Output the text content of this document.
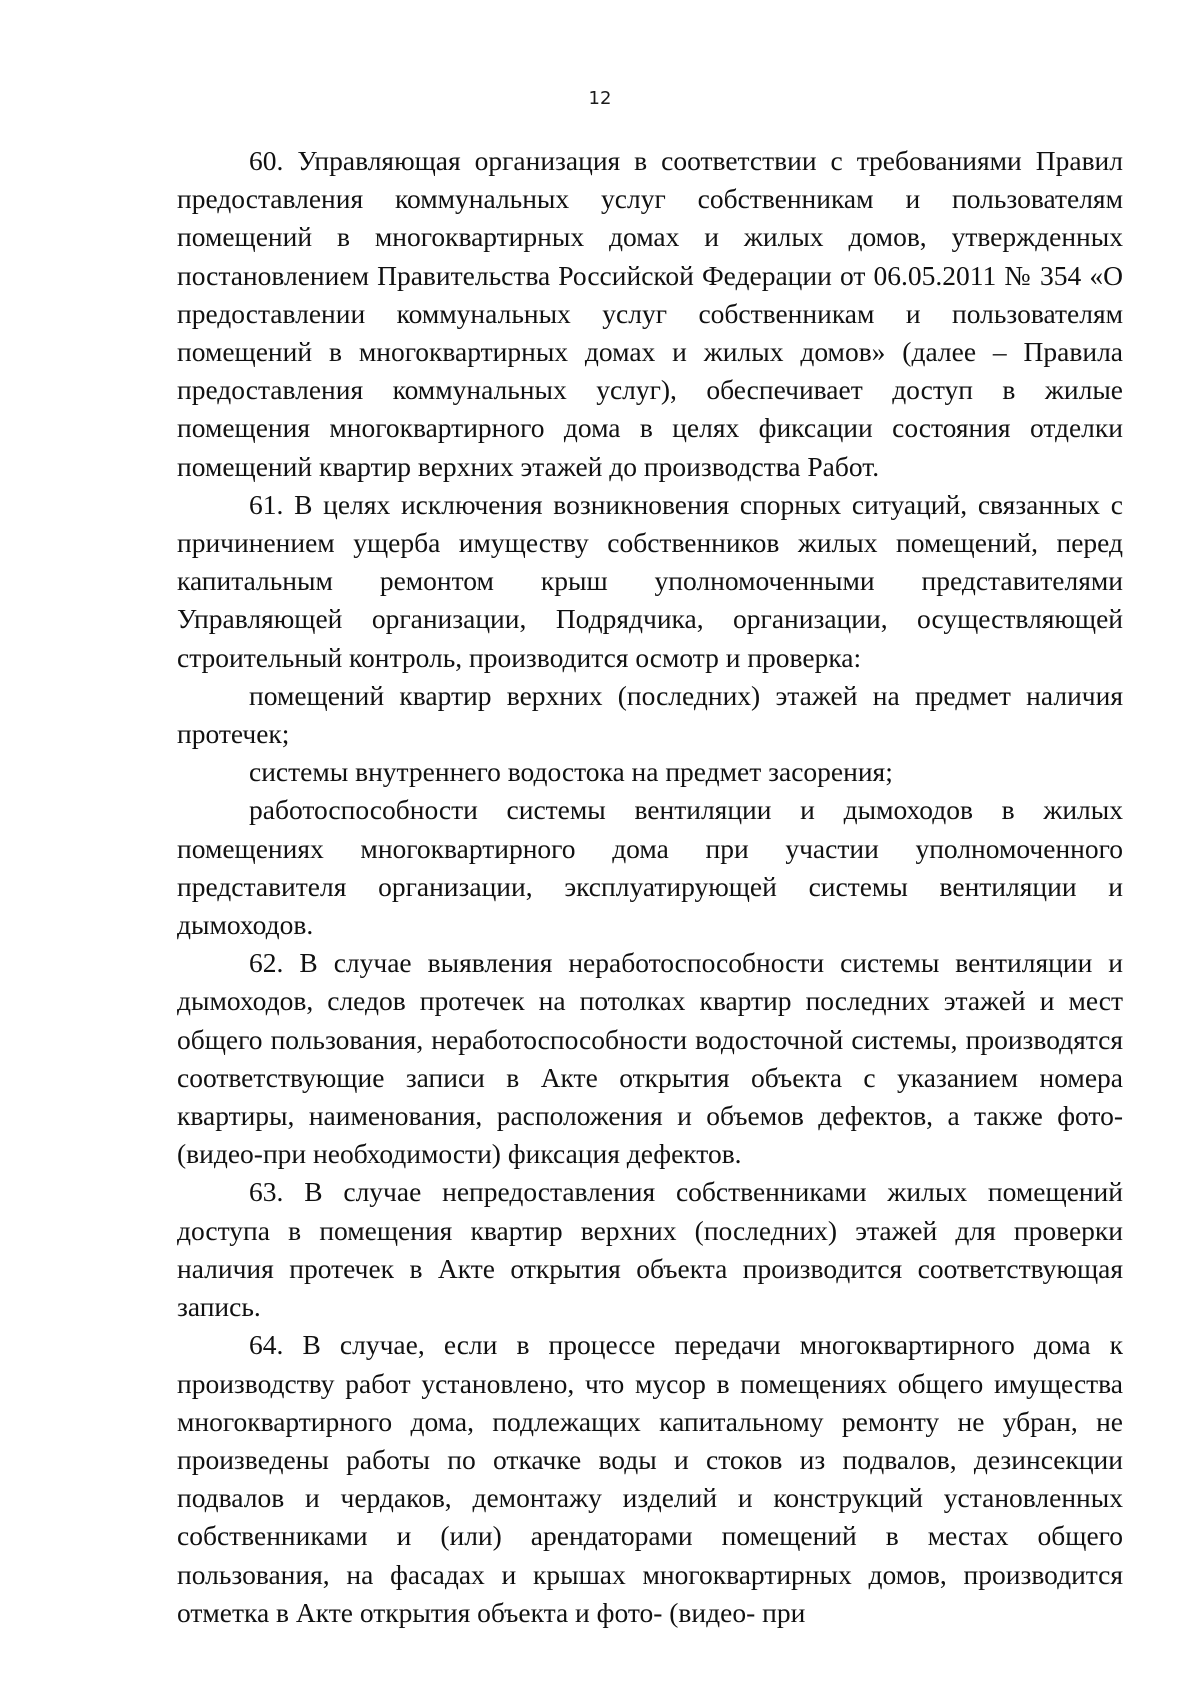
12

60. Управляющая организация в соответствии с требованиями Правил предоставления коммунальных услуг собственникам и пользователям помещений в многоквартирных домах и жилых домов, утвержденных постановлением Правительства Российской Федерации от 06.05.2011 № 354 «О предоставлении коммунальных услуг собственникам и пользователям помещений в многоквартирных домах и жилых домов» (далее – Правила предоставления коммунальных услуг), обеспечивает доступ в жилые помещения многоквартирного дома в целях фиксации состояния отделки помещений квартир верхних этажей до производства Работ.

61. В целях исключения возникновения спорных ситуаций, связанных с причинением ущерба имуществу собственников жилых помещений, перед капитальным ремонтом крыш уполномоченными представителями Управляющей организации, Подрядчика, организации, осуществляющей строительный контроль, производится осмотр и проверка:

помещений квартир верхних (последних) этажей на предмет наличия протечек;

системы внутреннего водостока на предмет засорения;

работоспособности системы вентиляции и дымоходов в жилых помещениях многоквартирного дома при участии уполномоченного представителя организации, эксплуатирующей системы вентиляции и дымоходов.

62. В случае выявления неработоспособности системы вентиляции и дымоходов, следов протечек на потолках квартир последних этажей и мест общего пользования, неработоспособности водосточной системы, производятся соответствующие записи в Акте открытия объекта с указанием номера квартиры, наименования, расположения и объемов дефектов, а также фото- (видео-при необходимости) фиксация дефектов.

63. В случае непредоставления собственниками жилых помещений доступа в помещения квартир верхних (последних) этажей для проверки наличия протечек в Акте открытия объекта производится соответствующая запись.

64. В случае, если в процессе передачи многоквартирного дома к производству работ установлено, что мусор в помещениях общего имущества многоквартирного дома, подлежащих капитальному ремонту не убран, не произведены работы по откачке воды и стоков из подвалов, дезинсекции подвалов и чердаков, демонтажу изделий и конструкций установленных собственниками и (или) арендаторами помещений в местах общего пользования, на фасадах и крышах многоквартирных домов, производится отметка в Акте открытия объекта и фото- (видео- при
